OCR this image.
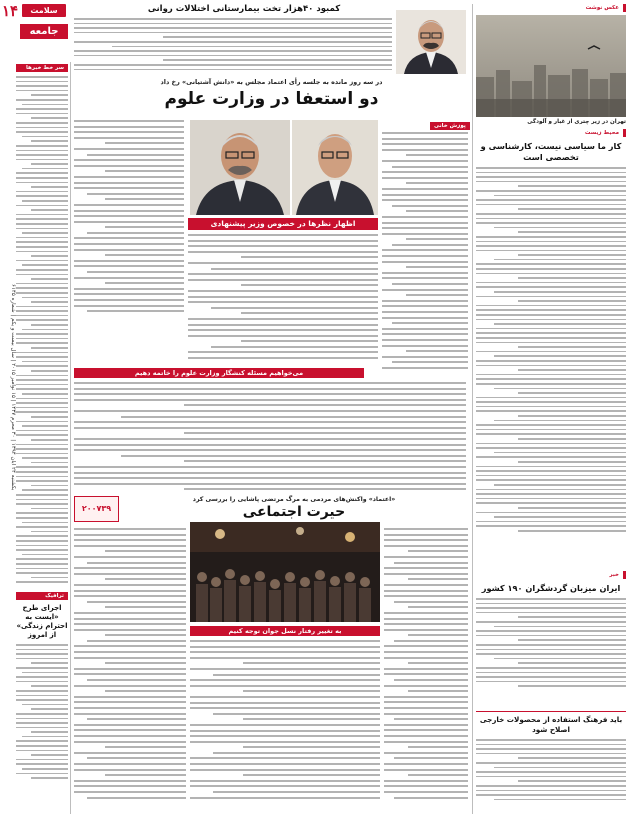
۱۴	سلامت
جامعه
یکشنبه ۲۴ آبان ۱۳۹۴ | ۳۰ محرم ۱۴۳۷ | ۱۵ نوامبر ۲۰۱۵ | سال بیست و یکم | شماره ۶۱۴۵
سر خط خبرها
ترافیک
اجرای طرح «ایست به احترام زندگی» از امروز
کمبود ۴۰هزار تخت بیمارستانی اختلالات روانی
در سه روز مانده به جلسه رأی اعتماد مجلس به «دانش آشتیانی» رخ داد
دو استعفا در وزارت علوم
پوزش خانی
اظهار نظرها در خصوص وزیر پیشنهادی
می‌خواهیم مسئله کنشگار وزارت علوم را خاتمه دهیم
۲۰۰۷۳۹
«اعتماد» واکنش‌های مردمی به مرگ مرتضی پاشایی را بررسی کرد
حیرت اجتماعی
به تغییر رفتار نسل جوان توجه کنیم
عکس نوشت
تهران در زیر چتری از غبار و آلودگی
محیط زیست
کار ما سیاسی نیست، کارشناسی و تخصصی است
خبر
ایران میزبان گردشگران ۱۹۰ کشور
باید فرهنگ استفاده از محصولات خارجی اصلاح شود
